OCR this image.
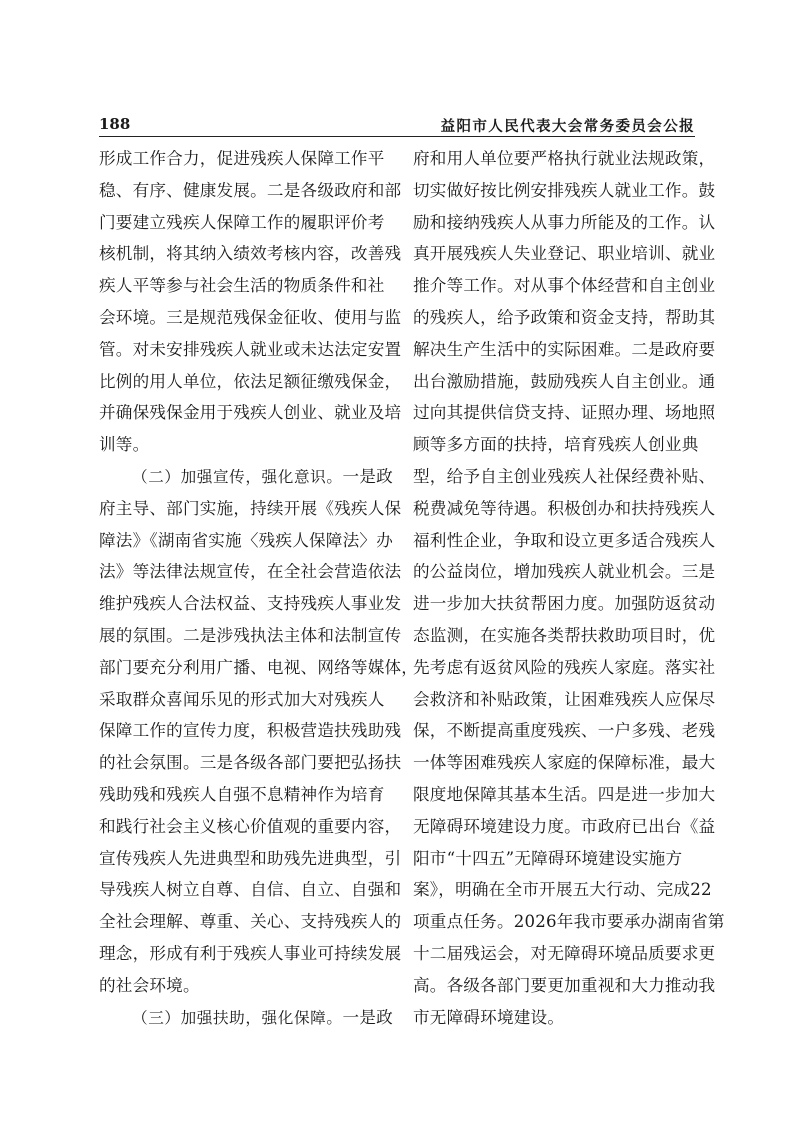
188	益阳市人民代表大会常务委员会公报
形成工作合力，促进残疾人保障工作平
稳、有序、健康发展。二是各级政府和部
门要建立残疾人保障工作的履职评价考
核机制，将其纳入绩效考核内容，改善残
疾人平等参与社会生活的物质条件和社
会环境。三是规范残保金征收、使用与监
管。对未安排残疾人就业或未达法定安置
比例的用人单位，依法足额征缴残保金，
并确保残保金用于残疾人创业、就业及培
训等。
（二）加强宣传，强化意识。一是政
府主导、部门实施，持续开展《残疾人保
障法》《湖南省实施〈残疾人保障法〉办
法》等法律法规宣传，在全社会营造依法
维护残疾人合法权益、支持残疾人事业发
展的氛围。二是涉残执法主体和法制宣传
部门要充分利用广播、电视、网络等媒体，
采取群众喜闻乐见的形式加大对残疾人
保障工作的宣传力度，积极营造扶残助残
的社会氛围。三是各级各部门要把弘扬扶
残助残和残疾人自强不息精神作为培育
和践行社会主义核心价值观的重要内容，
宣传残疾人先进典型和助残先进典型，引
导残疾人树立自尊、自信、自立、自强和
全社会理解、尊重、关心、支持残疾人的
理念，形成有利于残疾人事业可持续发展
的社会环境。
（三）加强扶助，强化保障。一是政
府和用人单位要严格执行就业法规政策，
切实做好按比例安排残疾人就业工作。鼓
励和接纳残疾人从事力所能及的工作。认
真开展残疾人失业登记、职业培训、就业
推介等工作。对从事个体经营和自主创业
的残疾人，给予政策和资金支持，帮助其
解决生产生活中的实际困难。二是政府要
出台激励措施，鼓励残疾人自主创业。通
过向其提供信贷支持、证照办理、场地照
顾等多方面的扶持，培育残疾人创业典
型，给予自主创业残疾人社保经费补贴、
税费减免等待遇。积极创办和扶持残疾人
福利性企业，争取和设立更多适合残疾人
的公益岗位，增加残疾人就业机会。三是
进一步加大扶贫帮困力度。加强防返贫动
态监测，在实施各类帮扶救助项目时，优
先考虑有返贫风险的残疾人家庭。落实社
会救济和补贴政策，让困难残疾人应保尽
保，不断提高重度残疾、一户多残、老残
一体等困难残疾人家庭的保障标准，最大
限度地保障其基本生活。四是进一步加大
无障碍环境建设力度。市政府已出台《益
阳市“十四五”无障碍环境建设实施方
案》，明确在全市开展五大行动、完成22
项重点任务。2026年我市要承办湖南省第
十二届残运会，对无障碍环境品质要求更
高。各级各部门要更加重视和大力推动我
市无障碍环境建设。
